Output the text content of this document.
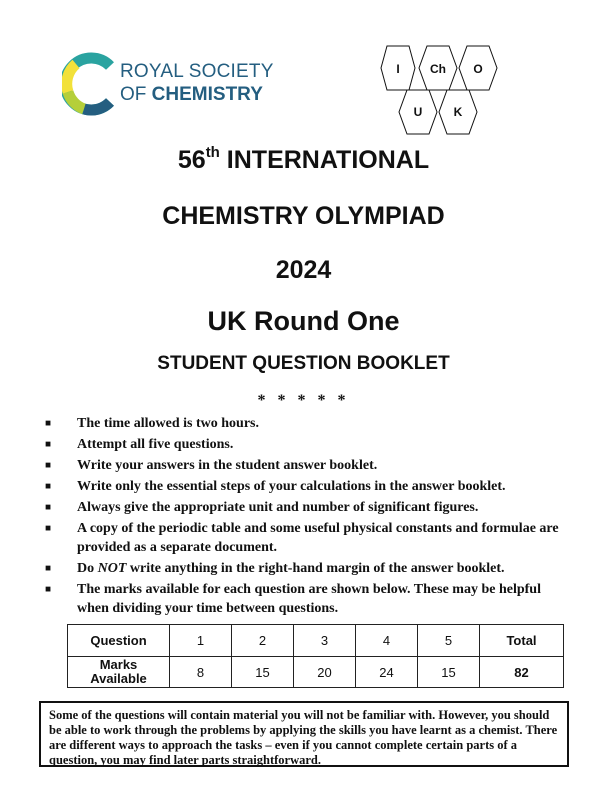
ROYAL SOCIETY
OF CHEMISTRY
I	Ch O
U	K
56th INTERNATIONAL
CHEMISTRY OLYMPIAD
2024
UK Round One
STUDENT QUESTION BOOKLET
* * * * *
■ The time allowed is two hours.
■ Attempt all five questions.
■ Write your answers in the student answer booklet.
■ Write only the essential steps of your calculations in the answer booklet.
■ Always give the appropriate unit and number of significant figures.
■ A copy of the periodic table and some useful physical constants and formulae are provided as a separate document.
■ Do NOT write anything in the right-hand margin of the answer booklet.
■ The marks available for each question are shown below. These may be helpful when dividing your time between questions.
Question	1	2	3	4	5	Total
Marks
Available	8	15	20	24	15	82
Some of the questions will contain material you will not be familiar with. However, you should be able to work through the problems by applying the skills you have learnt as a chemist. There are different ways to approach the tasks – even if you cannot complete certain parts of a question, you may find later parts straightforward.
